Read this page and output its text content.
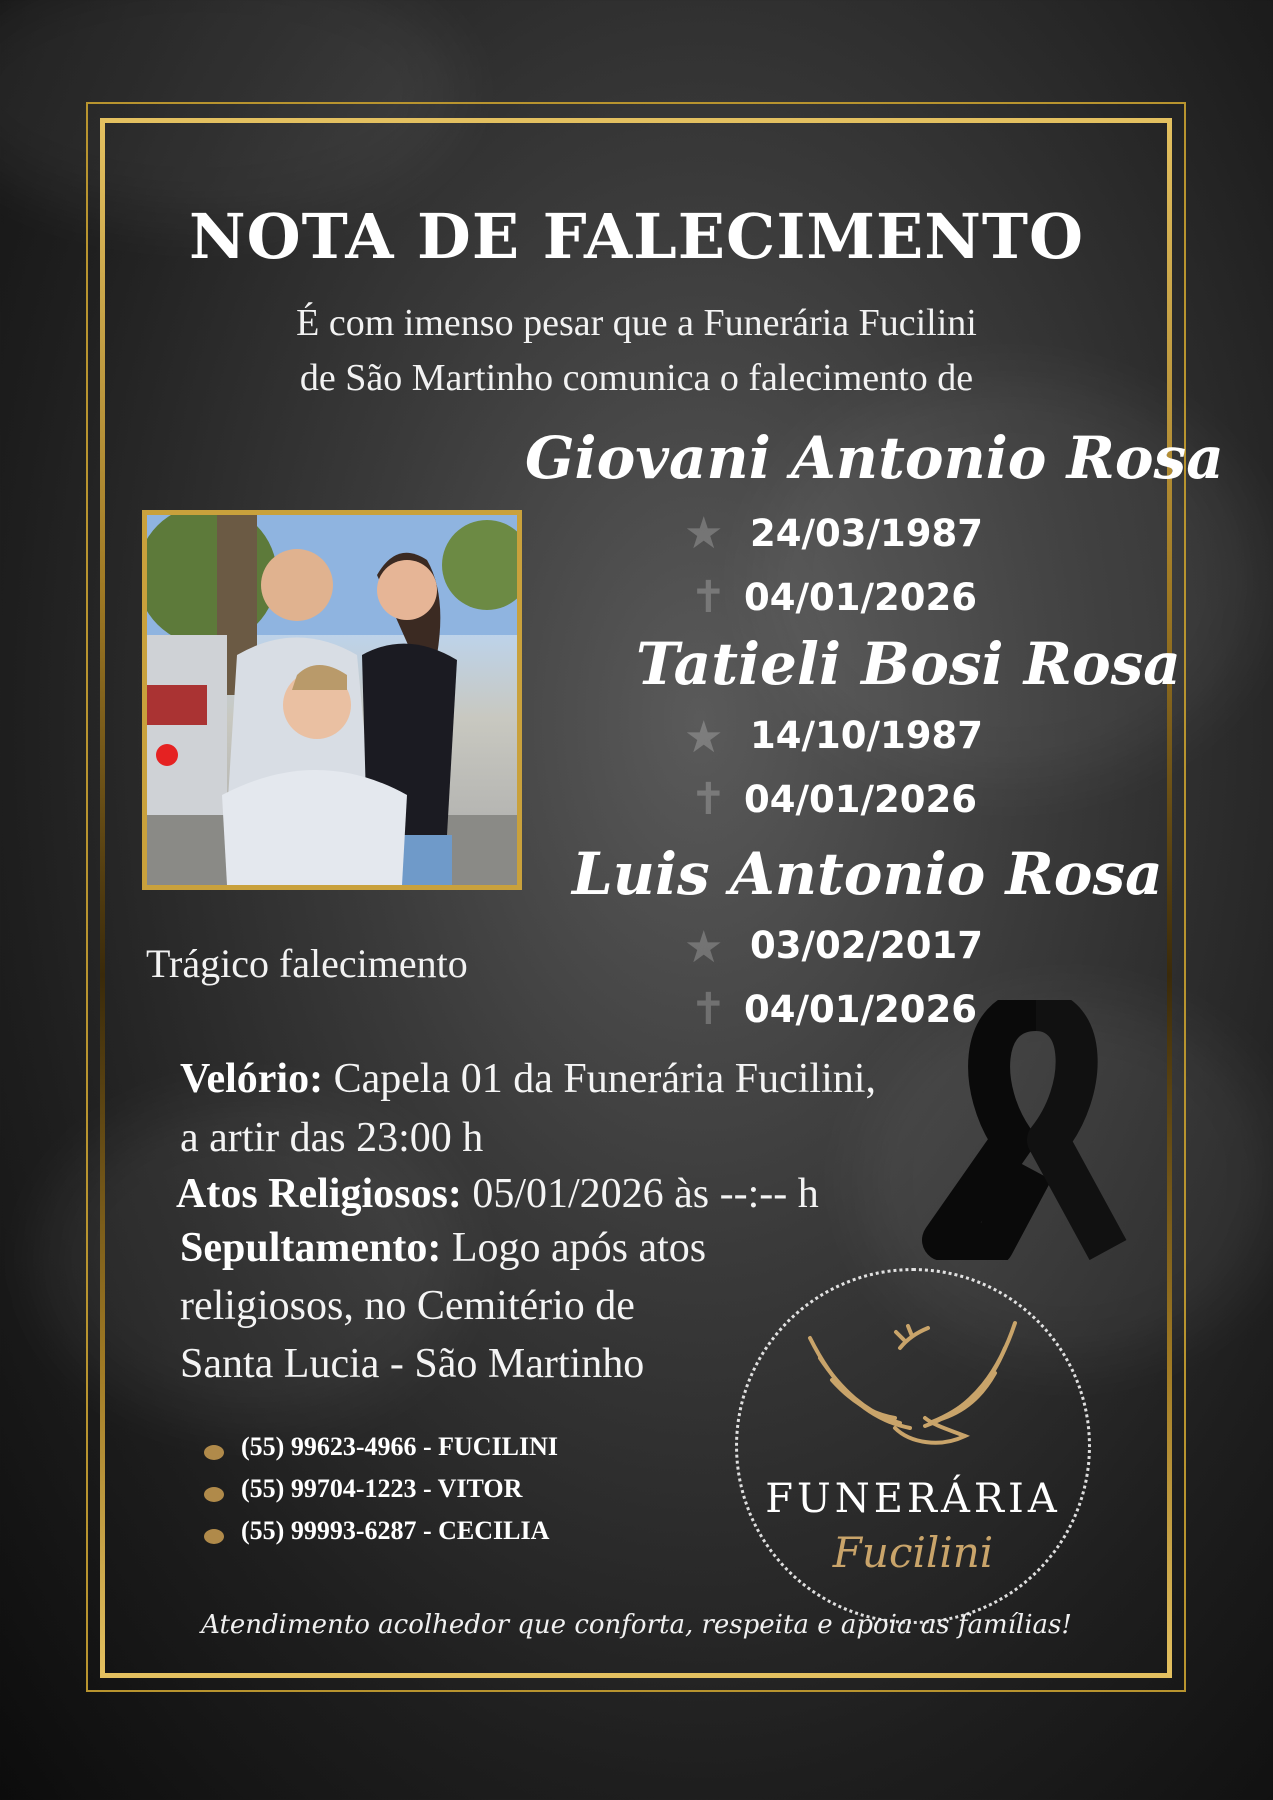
NOTA DE FALECIMENTO
É com imenso pesar que a Funerária Fucilini
de São Martinho comunica o falecimento de
Giovani Antonio Rosa
★ 24/03/1987
✝ 04/01/2026
Tatieli Bosi Rosa
★ 14/10/1987
✝ 04/01/2026
Luis Antonio Rosa
★ 03/02/2017
✝ 04/01/2026
Trágico falecimento
Velório: Capela 01 da Funerária Fucilini,
a artir das 23:00 h
Atos Religiosos: 05/01/2026 às --:-- h
Sepultamento: Logo após atos
religiosos, no Cemitério de
Santa Lucia - São Martinho
(55) 99623-4966 - FUCILINI
(55) 99704-1223 - VITOR
(55) 99993-6287 - CECILIA
FUNERÁRIA
Fucilini
Atendimento acolhedor que conforta, respeita e apoia as famílias!
